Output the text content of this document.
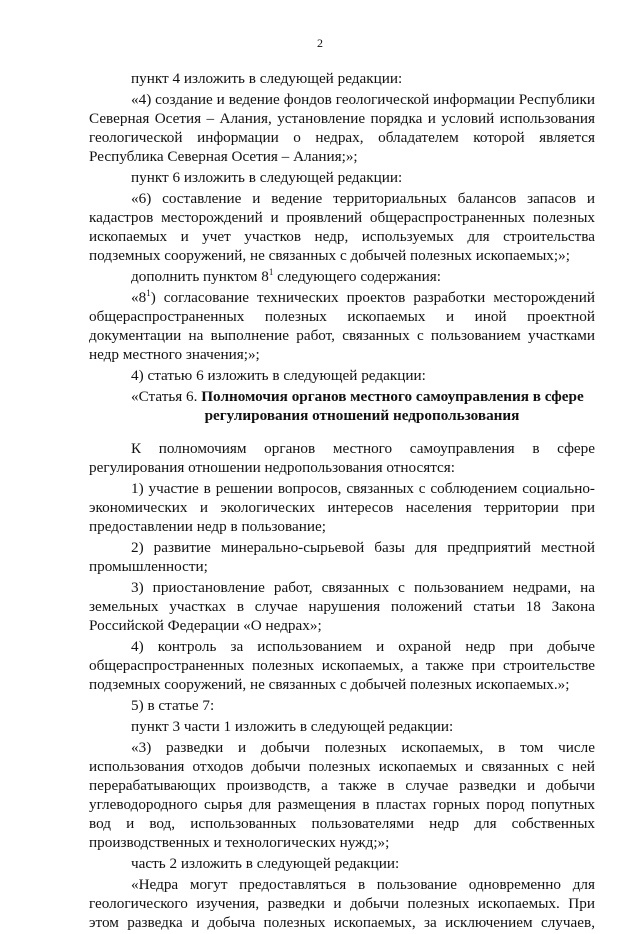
2

пункт 4 изложить в следующей редакции:

«4) создание и ведение фондов геологической информации Республики Северная Осетия – Алания, установление порядка и условий использования геологической информации о недрах, обладателем которой является Республика Северная Осетия – Алания;»;

пункт 6 изложить в следующей редакции:

«6) составление и ведение территориальных балансов запасов и кадастров месторождений и проявлений общераспространенных полезных ископаемых и учет участков недр, используемых для строительства подземных сооружений, не связанных с добычей полезных ископаемых;»;

дополнить пунктом $8^1$ следующего содержания:

«$8^1$) согласование технических проектов разработки месторождений общераспространенных полезных ископаемых и иной проектной документации на выполнение работ, связанных с пользованием участками недр местного значения;»;

4) статью 6 изложить в следующей редакции:

«Статья 6. Полномочия органов местного самоуправления в сфере
регулирования отношений недропользования

К полномочиям органов местного самоуправления в сфере регулирования отношении недропользования относятся:

1) участие в решении вопросов, связанных с соблюдением социально-экономических и экологических интересов населения территории при предоставлении недр в пользование;

2) развитие минерально-сырьевой базы для предприятий местной промышленности;

3) приостановление работ, связанных с пользованием недрами, на земельных участках в случае нарушения положений статьи 18 Закона Российской Федерации «О недрах»;

4) контроль за использованием и охраной недр при добыче общераспространенных полезных ископаемых, а также при строительстве подземных сооружений, не связанных с добычей полезных ископаемых.»;

5) в статье 7:

пункт 3 части 1 изложить в следующей редакции:

«3) разведки и добычи полезных ископаемых, в том числе использования отходов добычи полезных ископаемых и связанных с ней перерабатывающих производств, а также в случае разведки и добычи углеводородного сырья для размещения в пластах горных пород попутных вод и вод, использованных пользователями недр для собственных производственных и технологических нужд;»;

часть 2 изложить в следующей редакции:

«Недра могут предоставляться в пользование одновременно для геологического изучения, разведки и добычи полезных ископаемых. При этом разведка и добыча полезных ископаемых, за исключением случаев,
